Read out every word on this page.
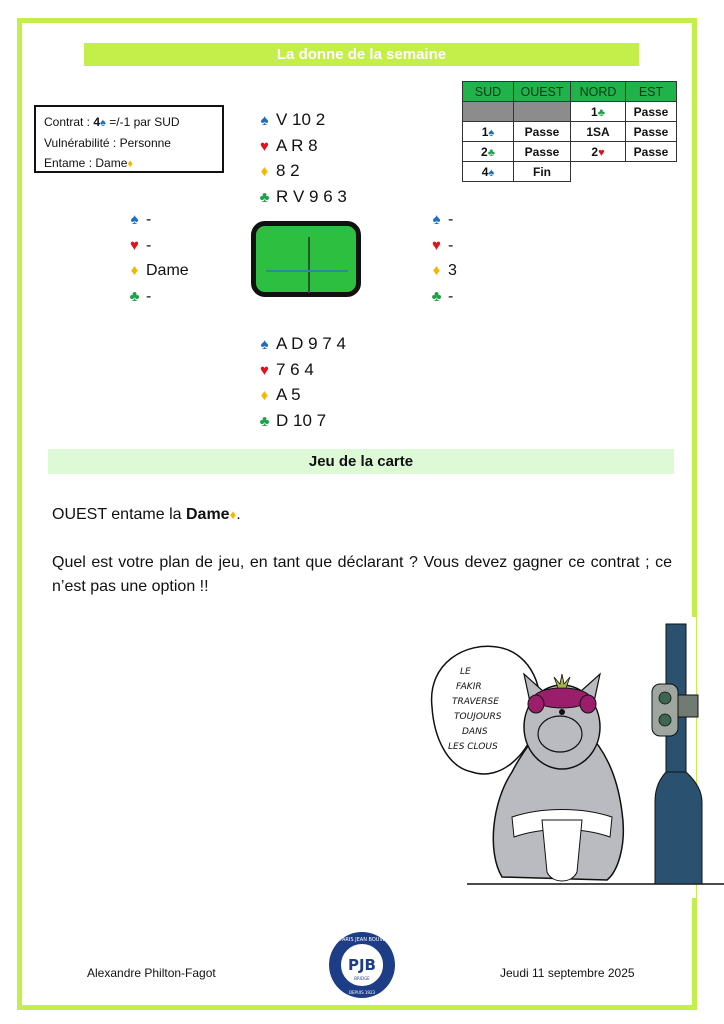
La donne de la semaine
Contrat : 4♠ =/-1 par SUD
Vulnérabilité : Personne
Entame : Dame♦
SUD	OUEST	NORD	EST
		1♣	Passe
1♠	Passe	1SA	Passe
2♣	Passe	2♥	Passe
4♠	Fin		
♠ V 10 2
♥ A R 8
♦ 8 2
♣ R V 9 6 3
♠ -
♥ -
♦ Dame
♣ -
♠ -
♥ -
♦ 3
♣ -
♠ A D 9 7 4
♥ 7 6 4
♦ A 5
♣ D 10 7
Jeu de la carte
OUEST entame la Dame♦.
Quel est votre plan de jeu, en tant que déclarant ? Vous devez gagner ce contrat ; ce n’est pas une option !!
LE
FAKIR
TRAVERSE
TOUJOURS
DANS
LES CLOUS
Alexandre Philton-Fagot	PJB
BRIDGE
PARIS JEAN BOUIN
DEPUIS 1923
Jeudi 11 septembre 2025
